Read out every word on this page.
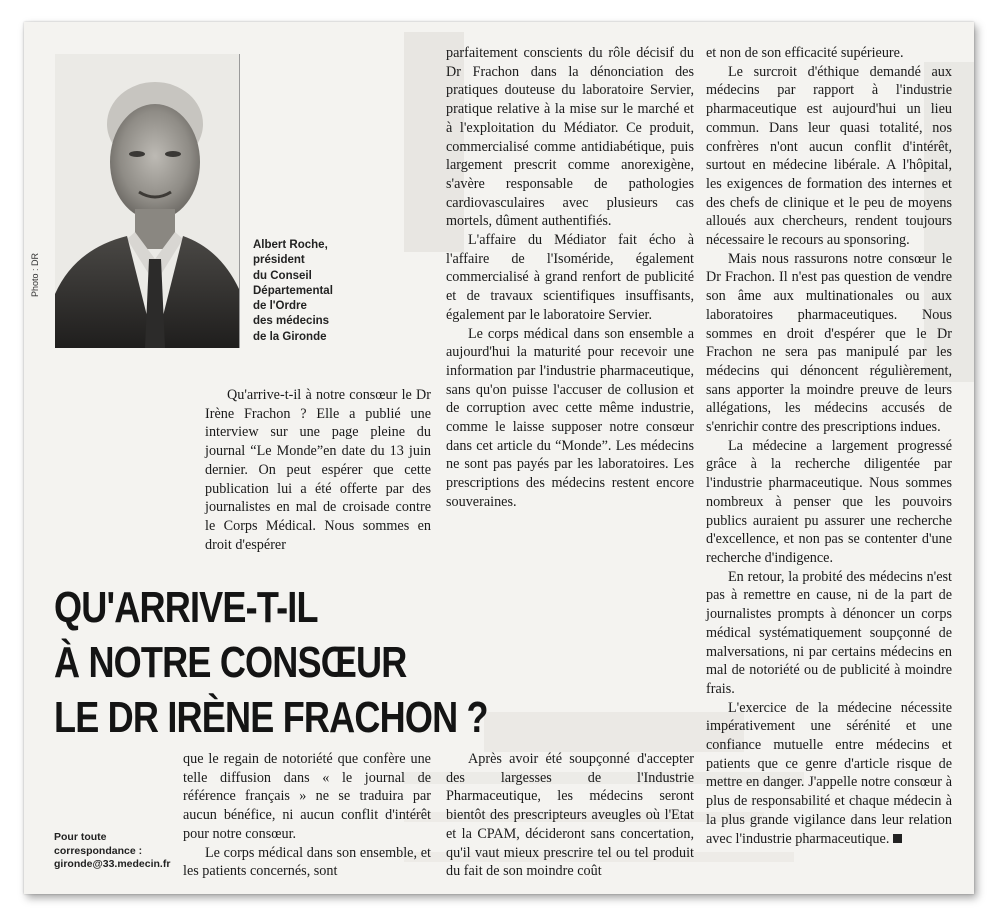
Photo : DR
Albert Roche,
président
du Conseil
Départemental
de l'Ordre
des médecins
de la Gironde

Qu'arrive-t-il à notre consœur le Dr Irène Frachon ? Elle a publié une interview sur une page pleine du journal “Le Monde”en date du 13 juin dernier. On peut espérer que cette publication lui a été offerte par des journalistes en mal de croisade contre le Corps Médical. Nous sommes en droit d'espérer

parfaitement conscients du rôle décisif du Dr Frachon dans la dénonciation des pratiques douteuse du laboratoire Servier, pratique relative à la mise sur le marché et à l'exploitation du Médiator. Ce produit, commercialisé comme antidiabétique, puis largement prescrit comme anorexigène, s'avère responsable de pathologies cardiovasculaires avec plusieurs cas mortels, dûment authentifiés.

L'affaire du Médiator fait écho à l'affaire de l'Isoméride, également commercialisé à grand renfort de publicité et de travaux scientifiques insuffisants, également par le laboratoire Servier.

Le corps médical dans son ensemble a aujourd'hui la maturité pour recevoir une information par l'industrie pharmaceutique, sans qu'on puisse l'accuser de collusion et de corruption avec cette même industrie, comme le laisse supposer notre consœur dans cet article du “Monde”. Les médecins ne sont pas payés par les laboratoires. Les prescriptions des médecins restent encore souveraines.

et non de son efficacité supérieure.

Le surcroit d'éthique demandé aux médecins par rapport à l'industrie pharmaceutique est aujourd'hui un lieu commun. Dans leur quasi totalité, nos confrères n'ont aucun conflit d'intérêt, surtout en médecine libérale. A l'hôpital, les exigences de formation des internes et des chefs de clinique et le peu de moyens alloués aux chercheurs, rendent toujours nécessaire le recours au sponsoring.

Mais nous rassurons notre consœur le Dr Frachon. Il n'est pas question de vendre son âme aux multinationales ou aux laboratoires pharmaceutiques. Nous sommes en droit d'espérer que le Dr Frachon ne sera pas manipulé par les médecins qui dénoncent régulièrement, sans apporter la moindre preuve de leurs allégations, les médecins accusés de s'enrichir contre des prescriptions indues.

La médecine a largement progressé grâce à la recherche diligentée par l'industrie pharmaceutique. Nous sommes nombreux à penser que les pouvoirs publics auraient pu assurer une recherche d'excellence, et non pas se contenter d'une recherche d'indigence.

En retour, la probité des médecins n'est pas à remettre en cause, ni de la part de journalistes prompts à dénoncer un corps médical systématiquement soupçonné de malversations, ni par certains médecins en mal de notoriété ou de publicité à moindre frais.

L'exercice de la médecine nécessite impérativement une sérénité et une confiance mutuelle entre médecins et patients que ce genre d'article risque de mettre en danger. J'appelle notre consœur à plus de responsabilité et chaque médecin à la plus grande vigilance dans leur relation avec l'industrie pharmaceutique.

QU'ARRIVE-T-IL
À NOTRE CONSŒUR
LE DR IRÈNE FRACHON ?

que le regain de notoriété que confère une telle diffusion dans « le journal de référence français » ne se traduira par aucun bénéfice, ni aucun conflit d'intérêt pour notre consœur.

Le corps médical dans son ensemble, et les patients concernés, sont

Après avoir été soupçonné d'accepter des largesses de l'Industrie Pharmaceutique, les médecins seront bientôt des prescripteurs aveugles où l'Etat et la CPAM, décideront sans concertation, qu'il vaut mieux prescrire tel ou tel produit du fait de son moindre coût

Pour toute
correspondance :
gironde@33.medecin.fr
